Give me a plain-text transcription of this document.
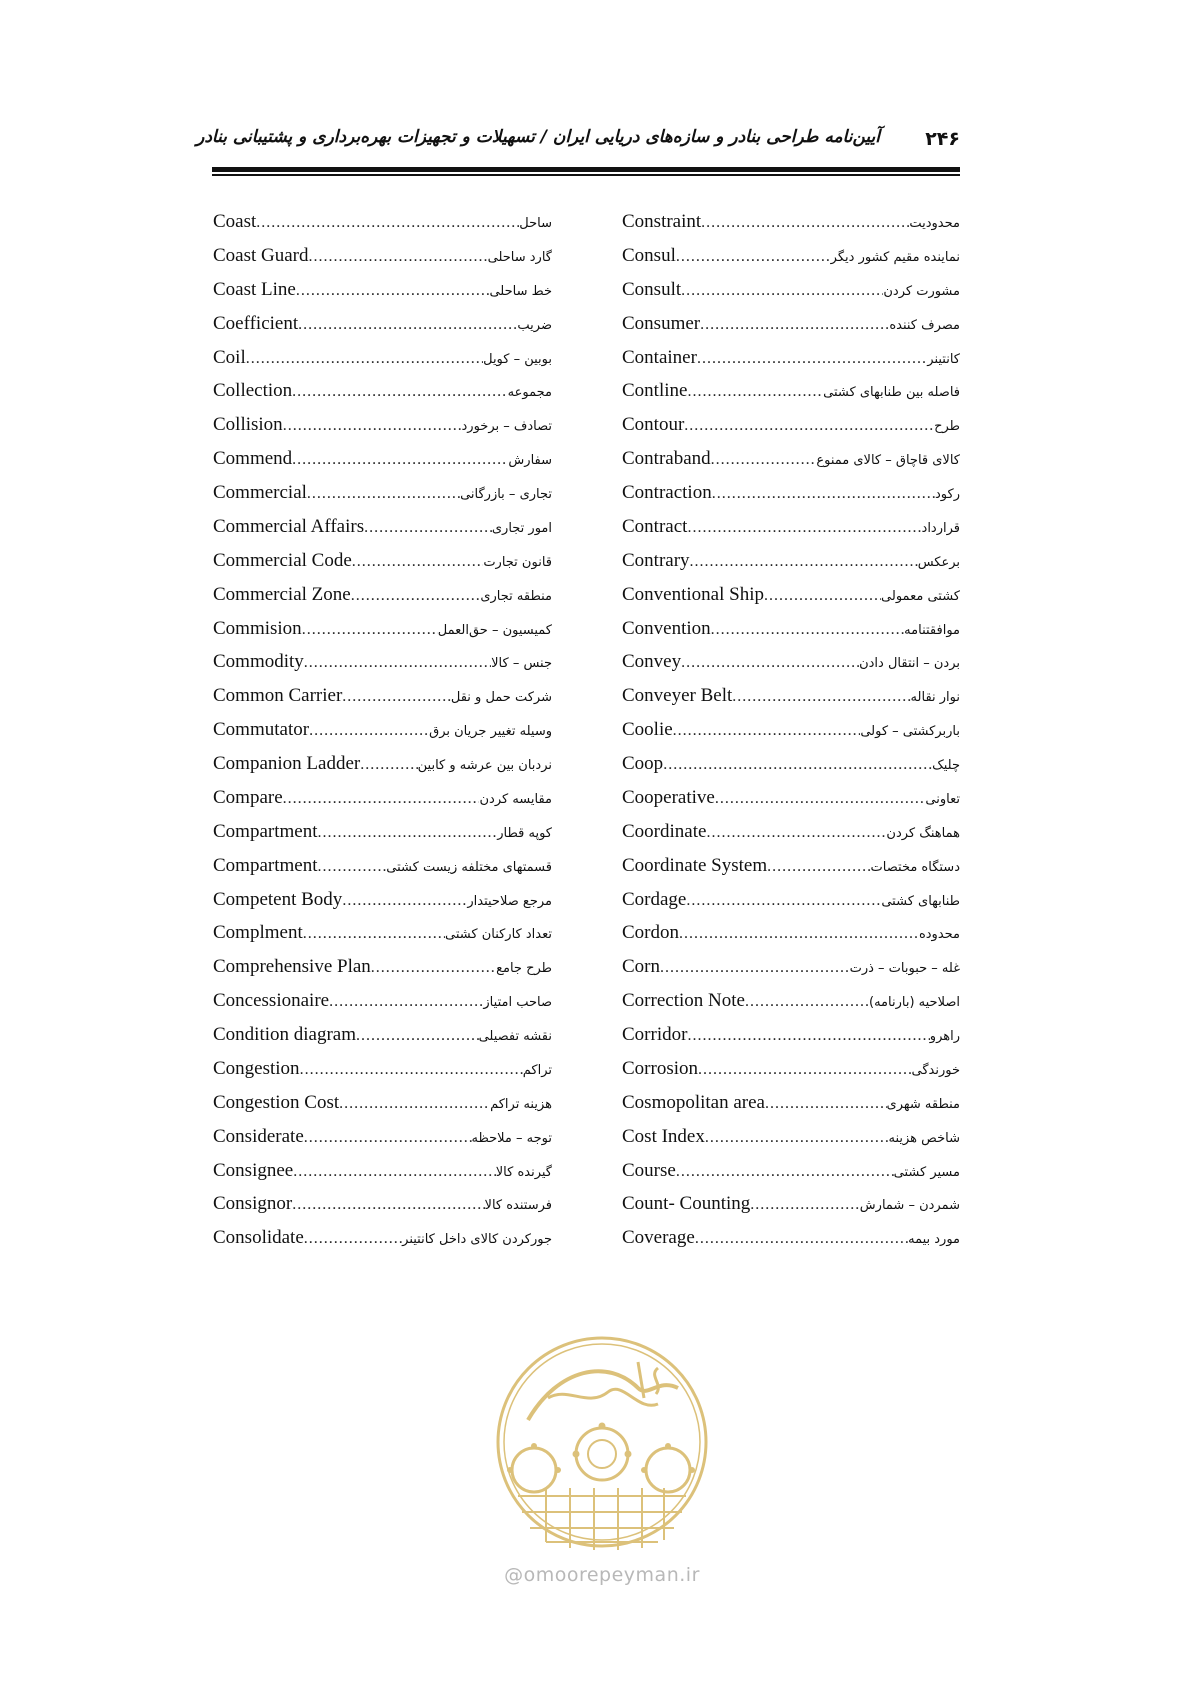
۲۴۶
آیین‌نامه طراحی بنادر و سازه‌های دریایی ایران / تسهیلات و تجهیزات بهره‌برداری و پشتیبانی بنادر
Coast .....	ساحل
Coast Guard .....	گارد ساحلی
Coast Line .....	خط ساحلی
Coefficient .....	ضریب
Coil .....	بوبین – کویل
Collection .....	مجموعه
Collision .....	تصادف – برخورد
Commend .....	سفارش
Commercial .....	تجاری – بازرگانی
Commercial Affairs .....	امور تجاری
Commercial Code .....	قانون تجارت
Commercial Zone .....	منطقه تجاری
Commision .....	کمیسیون – حق‌العمل
Commodity .....	جنس – کالا
Common Carrier .....	شرکت حمل و نقل
Commutator .....	وسیله تغییر جریان برق
Companion Ladder .....	نردبان بین عرشه و کابین
Compare .....	مقایسه کردن
Compartment .....	کوپه قطار
Compartment .....	قسمتهای مختلفه زیست کشتی
Competent Body .....	مرجع صلاحیتدار
Complment .....	تعداد کارکنان کشتی
Comprehensive Plan .....	طرح جامع
Concessionaire .....	صاحب امتیاز
Condition diagram .....	نقشه تفصیلی
Congestion .....	تراکم
Congestion Cost .....	هزینه تراکم
Considerate .....	توجه – ملاحظه
Consignee .....	گیرنده کالا
Consignor .....	فرستنده کالا
Consolidate .....	جورکردن کالای داخل کانتینر
Constraint .....	محدودیت
Consul .....	نماینده مقیم کشور دیگر
Consult .....	مشورت کردن
Consumer .....	مصرف کننده
Container .....	کانتینر
Contline .....	فاصله بین طنابهای کشتی
Contour .....	طرح
Contraband .....	کالای قاچاق – کالای ممنوع
Contraction .....	رکود
Contract .....	قرارداد
Contrary .....	برعکس
Conventional Ship .....	کشتی معمولی
Convention .....	موافقتنامه
Convey .....	بردن – انتقال دادن
Conveyer Belt .....	نوار نقاله
Coolie .....	باربرکشتی – کولی
Coop .....	چلیک
Cooperative .....	تعاونی
Coordinate .....	هماهنگ کردن
Coordinate System .....	دستگاه مختصات
Cordage .....	طنابهای کشتی
Cordon .....	محدوده
Corn .....	غله – حبوبات – ذرت
Correction Note .....	اصلاحیه (بارنامه)
Corridor .....	راهرو
Corrosion .....	خورندگی
Cosmopolitan area .....	منطقه شهری
Cost Index .....	شاخص هزینه
Course .....	مسیر کشتی
Count- Counting .....	شمردن – شمارش
Coverage .....	مورد بیمه
@omoorepeyman.ir
